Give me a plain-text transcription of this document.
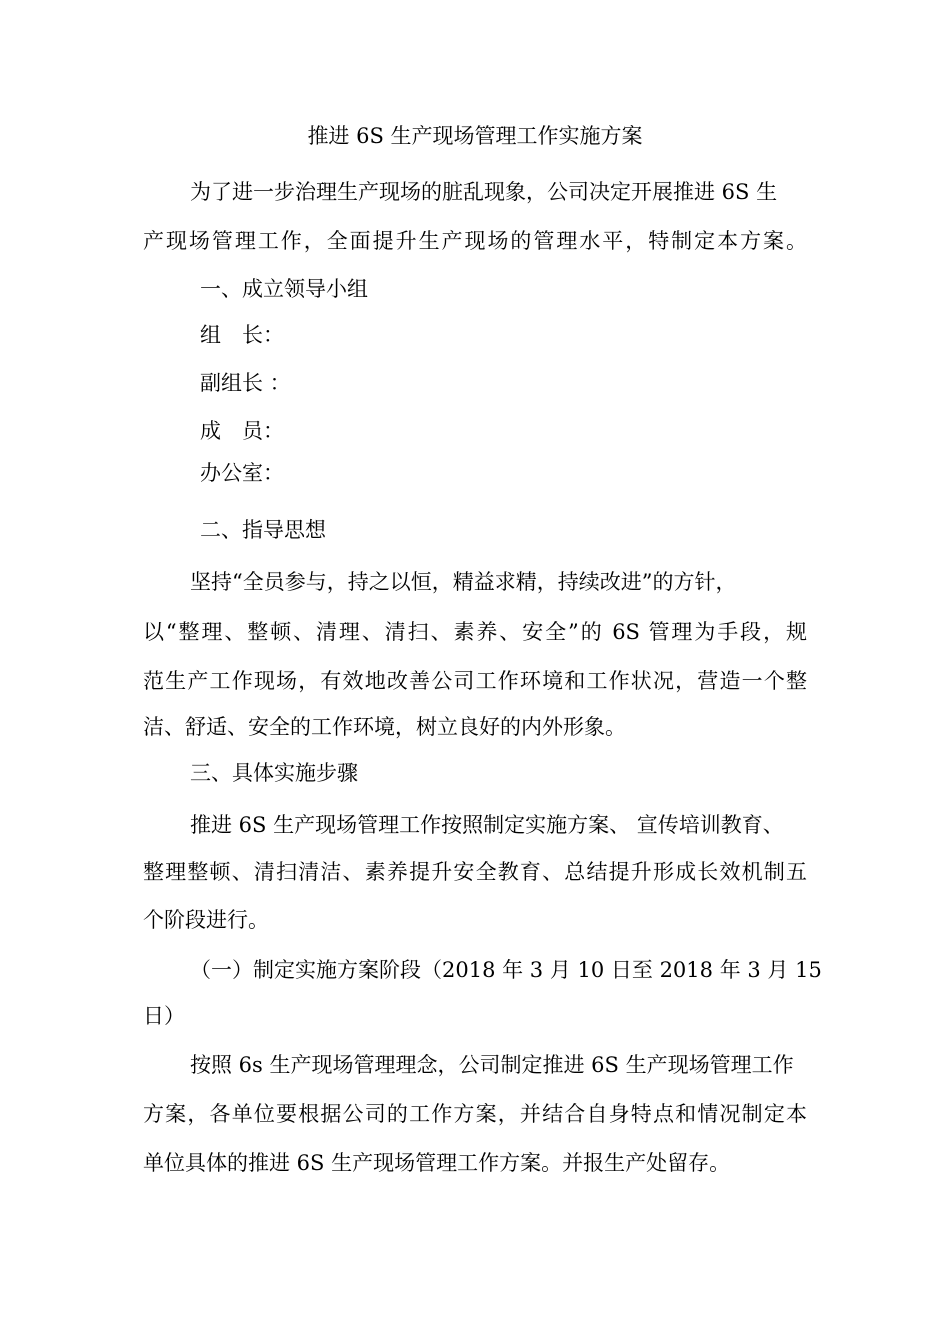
推进 6S 生产现场管理工作实施方案
为了进一步治理生产现场的脏乱现象，公司决定开展推进 6S 生
产现场管理工作，全面提升生产现场的管理水平，特制定本方案。
一、成立领导小组
组　长：
副组长 ：
成　员：
办公室：
二、指导思想
坚持“全员参与，持之以恒，精益求精，持续改进”的方针，
以“整理、整顿、清理、清扫、素养、安全”的 6S 管理为手段，规
范生产工作现场，有效地改善公司工作环境和工作状况，营造一个整
洁、舒适、安全的工作环境，树立良好的内外形象。
三、具体实施步骤
推进 6S 生产现场管理工作按照制定实施方案、 宣传培训教育、
整理整顿、清扫清洁、素养提升安全教育、总结提升形成长效机制五
个阶段进行。
（一）制定实施方案阶段（2018 年 3 月 10 日至 2018 年 3 月 15
日）
按照 6s 生产现场管理理念，公司制定推进 6S 生产现场管理工作
方案，各单位要根据公司的工作方案，并结合自身特点和情况制定本
单位具体的推进 6S 生产现场管理工作方案。并报生产处留存。
